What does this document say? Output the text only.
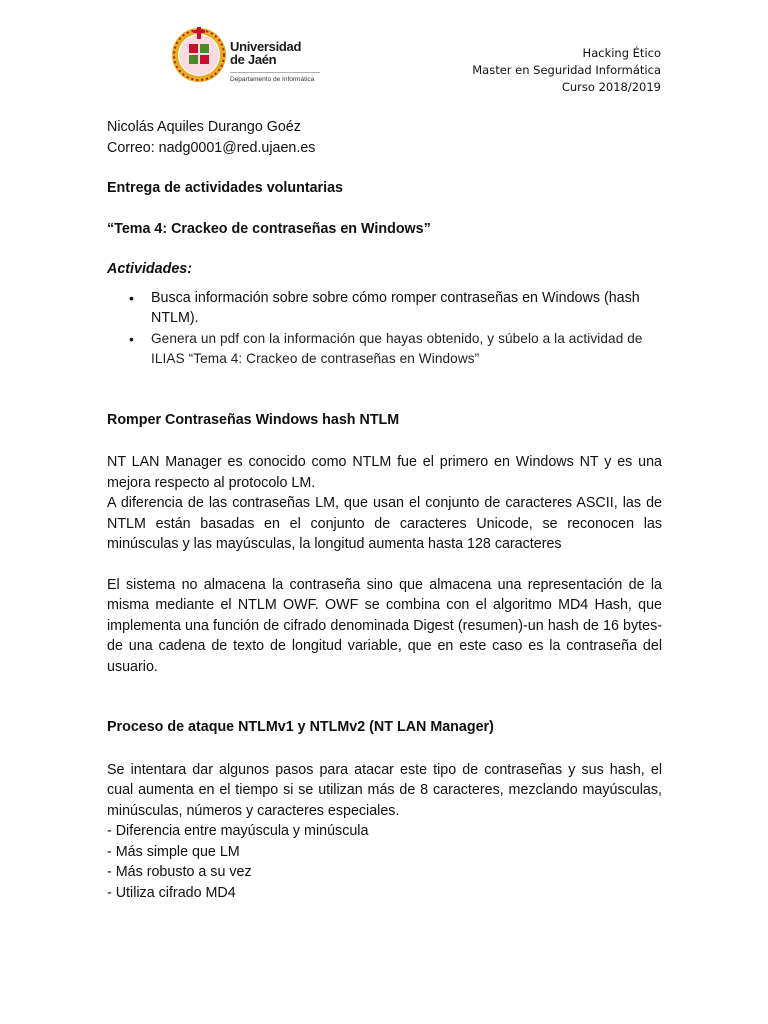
Universidad
de Jaén
Departamento de Informática
Hacking Ético
Master en Seguridad Informática
Curso 2018/2019

Nicolás Aquiles Durango Goéz

Correo: nadg0001@red.ujaen.es

Entrega de actividades voluntarias

“Tema 4: Crackeo de contraseñas en Windows”

Actividades:

• Busca información sobre sobre cómo romper contraseñas en Windows (hash NTLM).
• Genera un pdf con la información que hayas obtenido, y súbelo a la actividad de ILIAS “Tema 4: Crackeo de contraseñas en Windows”

Romper Contraseñas Windows hash NTLM

NT LAN Manager es conocido como NTLM fue el primero en Windows NT y es una mejora respecto al protocolo LM.

A diferencia de las contraseñas LM, que usan el conjunto de caracteres ASCII, las de NTLM están basadas en el conjunto de caracteres Unicode, se reconocen las minúsculas y las mayúsculas, la longitud aumenta hasta 128 caracteres

El sistema no almacena la contraseña sino que almacena una representación de la misma mediante el NTLM OWF. OWF se combina con el algoritmo MD4 Hash, que implementa una función de cifrado denominada Digest (resumen)-un hash de 16 bytes- de una cadena de texto de longitud variable, que en este caso es la contraseña del usuario.

Proceso de ataque NTLMv1 y NTLMv2 (NT LAN Manager)

Se intentara dar algunos pasos para atacar este tipo de contraseñas y sus hash, el cual aumenta en el tiempo si se utilizan más de 8 caracteres, mezclando mayúsculas, minúsculas, números y caracteres especiales.

- Diferencia entre mayúscula y minúscula

- Más simple que LM

- Más robusto a su vez

- Utiliza cifrado MD4
